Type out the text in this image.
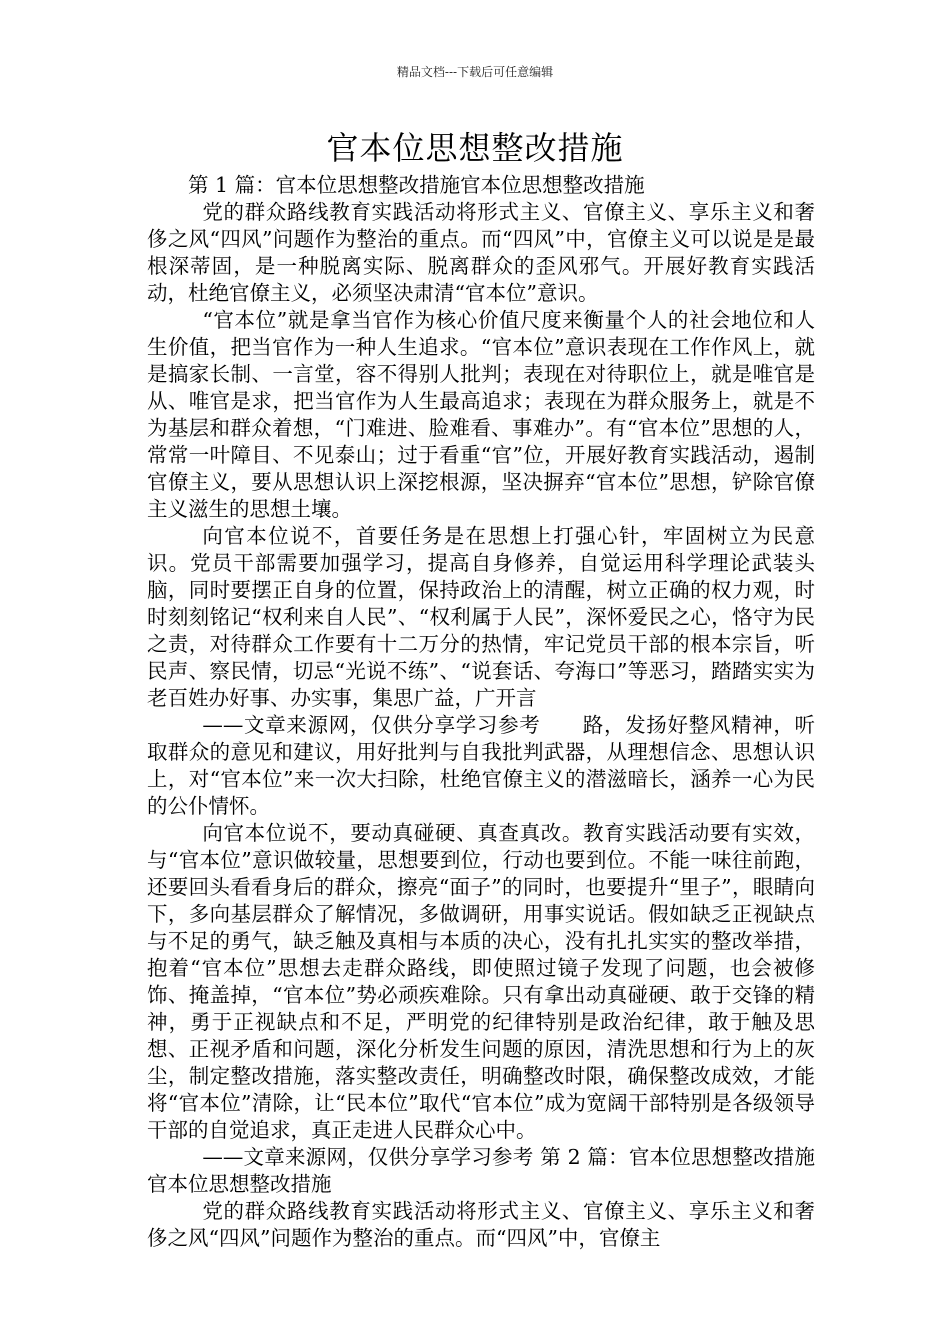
精品文档---下载后可任意编辑
官本位思想整改措施

第 1 篇：官本位思想整改措施官本位思想整改措施

党的群众路线教育实践活动将形式主义、官僚主义、享乐主义和奢侈之风“四风”问题作为整治的重点。而“四风”中，官僚主义可以说是是最根深蒂固，是一种脱离实际、脱离群众的歪风邪气。开展好教育实践活动，杜绝官僚主义，必须坚决肃清“官本位”意识。

“官本位”就是拿当官作为核心价值尺度来衡量个人的社会地位和人生价值，把当官作为一种人生追求。“官本位”意识表现在工作作风上，就是搞家长制、一言堂，容不得别人批判；表现在对待职位上，就是唯官是从、唯官是求，把当官作为人生最高追求；表现在为群众服务上，就是不为基层和群众着想，“门难进、脸难看、事难办”。有“官本位”思想的人，常常一叶障目、不见泰山；过于看重“官”位，开展好教育实践活动，遏制官僚主义，要从思想认识上深挖根源，坚决摒弃“官本位”思想，铲除官僚主义滋生的思想土壤。

向官本位说不，首要任务是在思想上打强心针，牢固树立为民意识。党员干部需要加强学习，提高自身修养，自觉运用科学理论武装头脑，同时要摆正自身的位置，保持政治上的清醒，树立正确的权力观，时时刻刻铭记“权利来自人民”、“权利属于人民”，深怀爱民之心，恪守为民之责，对待群众工作要有十二万分的热情，牢记党员干部的根本宗旨，听民声、察民情，切忌“光说不练”、“说套话、夸海口”等恶习，踏踏实实为老百姓办好事、办实事，集思广益，广开言

——文章来源网，仅供分享学习参考　　路，发扬好整风精神，听取群众的意见和建议，用好批判与自我批判武器，从理想信念、思想认识上，对“官本位”来一次大扫除，杜绝官僚主义的潜滋暗长，涵养一心为民的公仆情怀。

向官本位说不，要动真碰硬、真查真改。教育实践活动要有实效，与“官本位”意识做较量，思想要到位，行动也要到位。不能一味往前跑，还要回头看看身后的群众，擦亮“面子”的同时，也要提升“里子”，眼睛向下，多向基层群众了解情况，多做调研，用事实说话。假如缺乏正视缺点与不足的勇气，缺乏触及真相与本质的决心，没有扎扎实实的整改举措，抱着“官本位”思想去走群众路线，即使照过镜子发现了问题，也会被修饰、掩盖掉，“官本位”势必顽疾难除。只有拿出动真碰硬、敢于交锋的精神，勇于正视缺点和不足，严明党的纪律特别是政治纪律，敢于触及思想、正视矛盾和问题，深化分析发生问题的原因，清洗思想和行为上的灰尘，制定整改措施，落实整改责任，明确整改时限，确保整改成效，才能将“官本位”清除，让“民本位”取代“官本位”成为宽阔干部特别是各级领导干部的自觉追求，真正走进人民群众心中。

——文章来源网，仅供分享学习参考 第 2 篇：官本位思想整改措施官本位思想整改措施

党的群众路线教育实践活动将形式主义、官僚主义、享乐主义和奢侈之风“四风”问题作为整治的重点。而“四风”中，官僚主
